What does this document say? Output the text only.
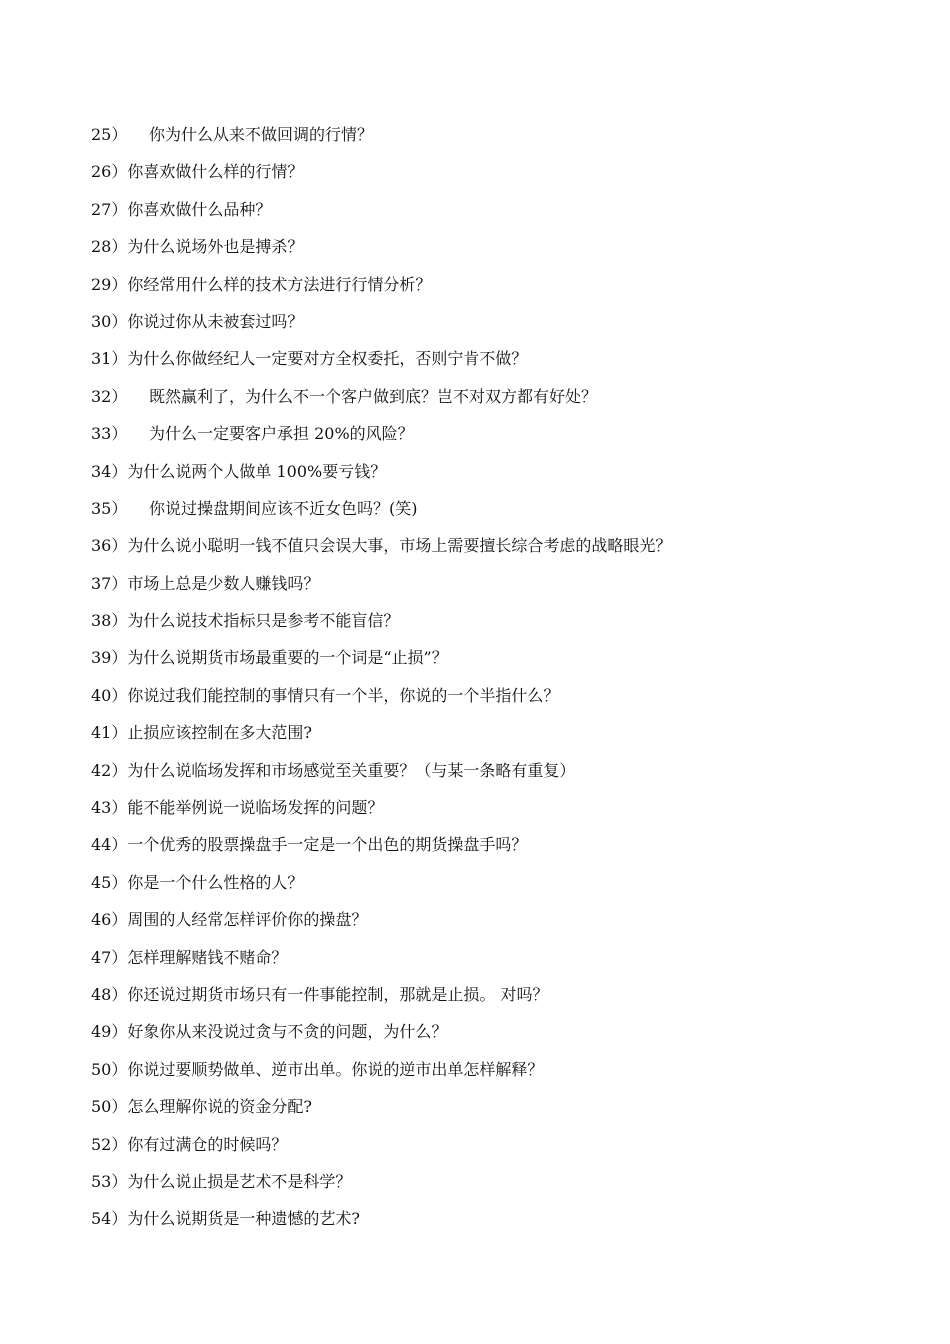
25）	你为什么从来不做回调的行情？
26） 你喜欢做什么样的行情？
27） 你喜欢做什么品种？
28） 为什么说场外也是搏杀？
29） 你经常用什么样的技术方法进行行情分析？
30） 你说过你从未被套过吗？
31） 为什么你做经纪人一定要对方全权委托，否则宁肯不做？
32）	既然赢利了，为什么不一个客户做到底？岂不对双方都有好处？
33）	为什么一定要客户承担 20%的风险？
34） 为什么说两个人做单 100%要亏钱？
35）	你说过操盘期间应该不近女色吗？(笑)
36） 为什么说小聪明一钱不值只会误大事，市场上需要擅长综合考虑的战略眼光？
37） 市场上总是少数人赚钱吗？
38） 为什么说技术指标只是参考不能盲信？
39） 为什么说期货市场最重要的一个词是“止损”？
40） 你说过我们能控制的事情只有一个半，你说的一个半指什么？
41） 止损应该控制在多大范围?
42） 为什么说临场发挥和市场感觉至关重要？（与某一条略有重复）
43） 能不能举例说一说临场发挥的问题？
44） 一个优秀的股票操盘手一定是一个出色的期货操盘手吗？
45） 你是一个什么性格的人？
46） 周围的人经常怎样评价你的操盘？
47） 怎样理解赌钱不赌命？
48） 你还说过期货市场只有一件事能控制，那就是止损。 对吗？
49） 好象你从来没说过贪与不贪的问题，为什么？
50） 你说过要顺势做单、逆市出单。你说的逆市出单怎样解释？
50） 怎么理解你说的资金分配?
52） 你有过满仓的时候吗？
53） 为什么说止损是艺术不是科学？
54） 为什么说期货是一种遗憾的艺术?
